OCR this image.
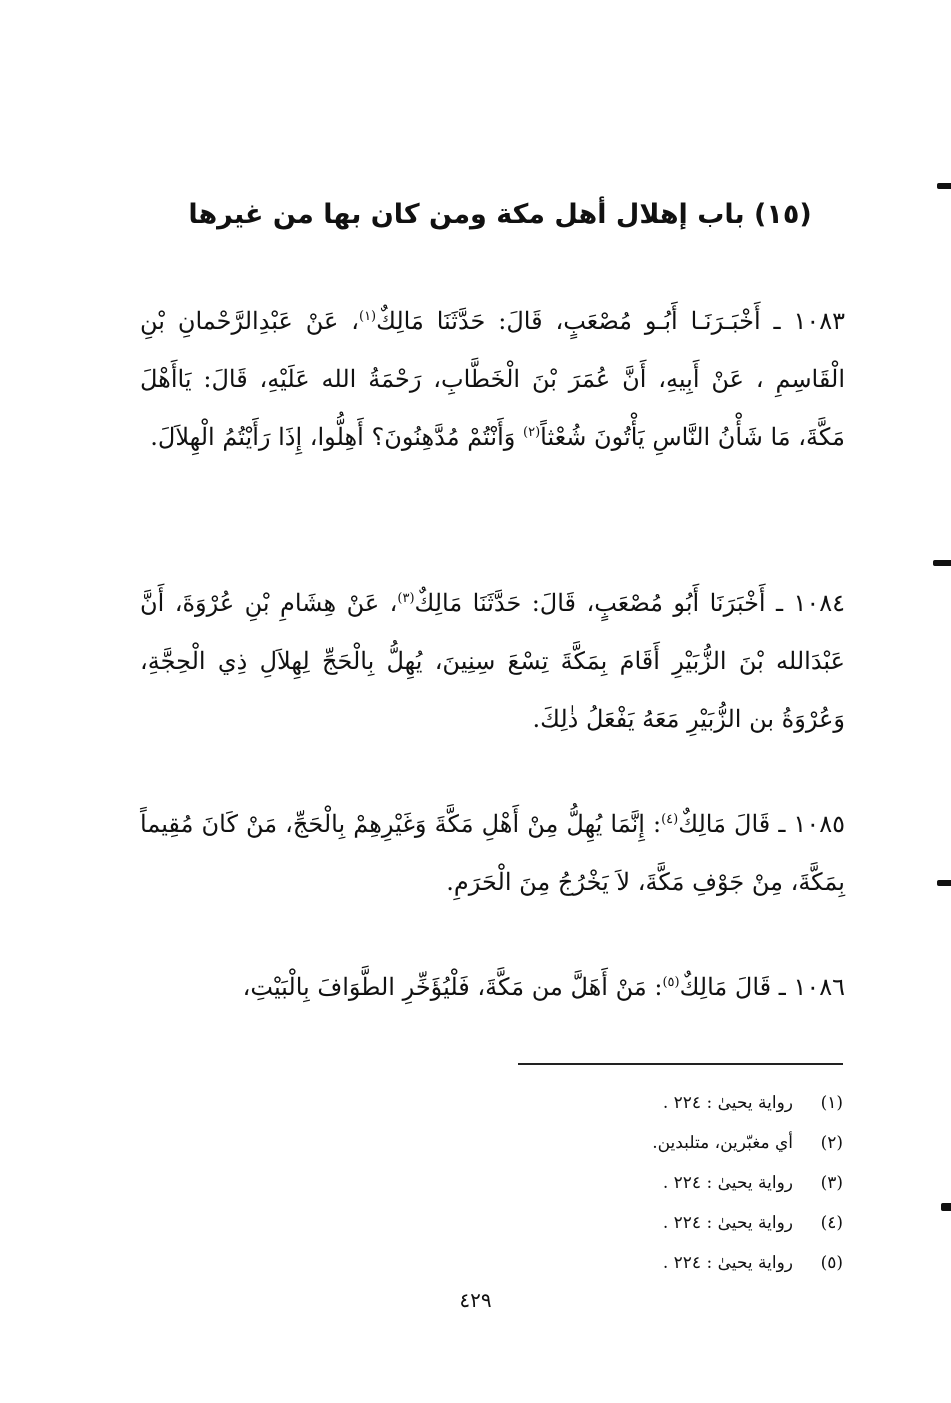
(١٥) باب إهلال أهل مكة ومن كان بها من غيرها

١٠٨٣ ـ أَخْبَـرَنَـا أَبُـو مُصْعَبٍ، قَالَ: حَدَّثَنَا مَالِكٌ$^{(١)}$، عَنْ عَبْدِالرَّحْمانِ بْنِ الْقَاسِمِ ، عَنْ أَبِيهِ، أَنَّ عُمَرَ بْنَ الْخَطَّابِ، رَحْمَةُ الله عَلَيْهِ، قَالَ: يَاأَهْلَ مَكَّةَ، مَا شَأْنُ النَّاسِ يَأْتُونَ شُعْثاً$^{(٢)}$ وَأَنْتُمْ مُدَّهِنُونَ؟ أَهِلُّوا، إِذَا رَأَيْتُمُ الْهِلاَلَ.

١٠٨٤ ـ أَخْبَرَنَا أَبُو مُصْعَبٍ، قَالَ: حَدَّثَنَا مَالِكٌ$^{(٣)}$، عَنْ هِشَامِ بْنِ عُرْوَةَ، أَنَّ عَبْدَالله بْنَ الزُّبَيْرِ أَقَامَ بِمَكَّةَ تِسْعَ سِنِينَ، يُهِلُّ بِالْحَجِّ لِهِلاَلِ ذِي الْحِجَّةِ، وَعُرْوَةُ بن الزُّبَيْرِ مَعَهُ يَفْعَلُ ذٰلِكَ.

١٠٨٥ ـ قَالَ مَالِكٌ$^{(٤)}$: إِنَّمَا يُهِلُّ مِنْ أَهْلِ مَكَّةَ وَغَيْرِهِمْ بِالْحَجِّ، مَنْ كَانَ مُقِيماً بِمَكَّةَ، مِنْ جَوْفِ مَكَّةَ، لاَ يَخْرُجُ مِنَ الْحَرَمِ.

١٠٨٦ ـ قَالَ مَالِكٌ$^{(٥)}$: مَنْ أَهَلَّ من مَكَّةَ، فَلْيُؤَخِّرِ الطَّوَافَ بِالْبَيْتِ،

(١)
رواية يحيىٰ : ٢٢٤ .
(٢)
أي مغبّرين، متلبدين.
(٣)
رواية يحيىٰ : ٢٢٤ .
(٤)
رواية يحيىٰ : ٢٢٤ .
(٥)
رواية يحيىٰ : ٢٢٤ .
٤٢٩
